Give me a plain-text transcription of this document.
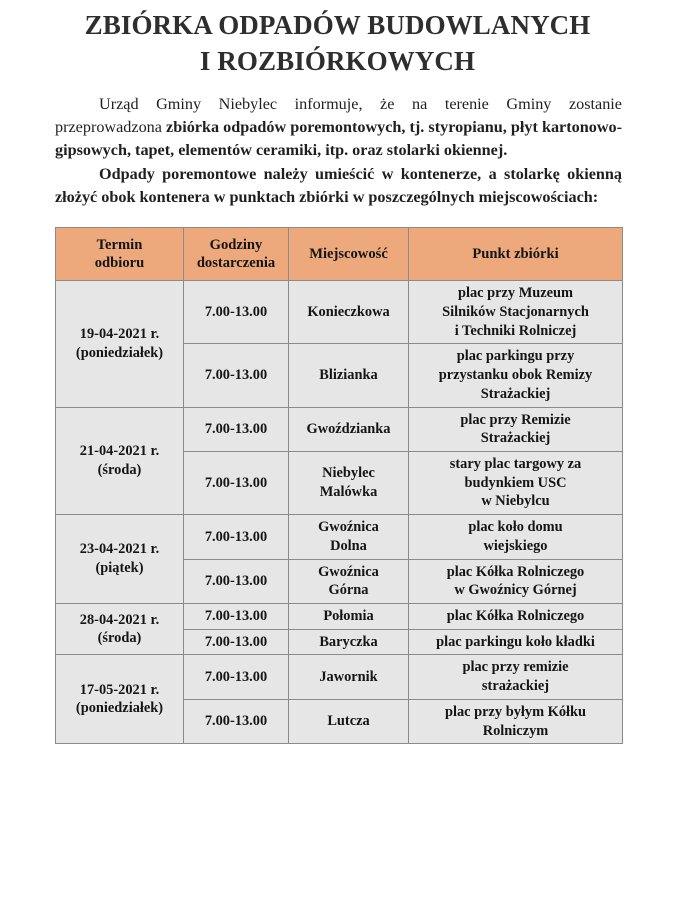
ZBIÓRKA ODPADÓW BUDOWLANYCH
I ROZBIÓRKOWYCH

Urząd Gminy Niebylec informuje, że na terenie Gminy zostanie przeprowadzona zbiórka odpadów poremontowych, tj. styropianu, płyt kartonowo- gipsowych, tapet, elementów ceramiki, itp. oraz stolarki okiennej.

Odpady poremontowe należy umieścić w kontenerze, a stolarkę okienną złożyć obok kontenera w punktach zbiórki w poszczególnych miejscowościach:

Termin
odbioru	Godziny
dostarczenia	Miejscowość	Punkt zbiórki

19-04-2021 r.
(poniedziałek)	7.00-13.00	Konieczkowa	plac przy Muzeum
Silników Stacjonarnych
i Techniki Rolniczej

	7.00-13.00	Blizianka	plac parkingu przy
przystanku obok Remizy
Strażackiej

21-04-2021 r.
(środa)	7.00-13.00	Gwoździanka	plac przy Remizie
Strażackiej

	7.00-13.00	Niebylec
Malówka	stary plac targowy za
budynkiem USC
w Niebylcu

23-04-2021 r.
(piątek)	7.00-13.00	Gwoźnica
Dolna	plac koło domu
wiejskiego

	7.00-13.00	Gwoźnica
Górna	plac Kółka Rolniczego
w Gwoźnicy Górnej

28-04-2021 r.
(środa)	7.00-13.00	Połomia	plac Kółka Rolniczego

	7.00-13.00	Baryczka	plac parkingu koło kładki

17-05-2021 r.
(poniedziałek)	7.00-13.00	Jawornik	plac przy remizie
strażackiej

	7.00-13.00	Lutcza	plac przy byłym Kółku
Rolniczym
